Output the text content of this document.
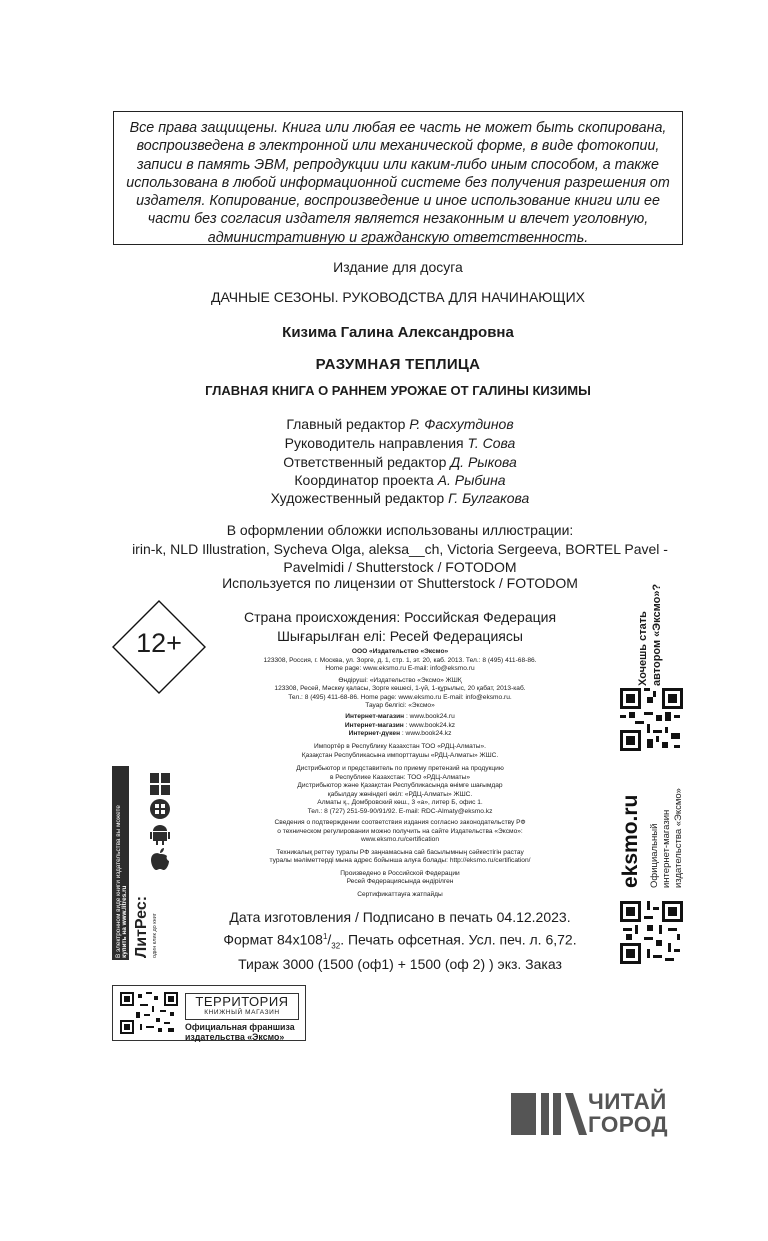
Все права защищены. Книга или любая ее часть не может быть скопирована, воспроизведена в электронной или механической форме, в виде фотокопии, записи в память ЭВМ, репродукции или каким-либо иным способом, а также использована в любой информационной системе без получения разрешения от издателя. Копирование, воспроизведение и иное использование книги или ее части без согласия издателя является незаконным и влечет уголовную, административную и гражданскую ответственность.
Издание для досуга
ДАЧНЫЕ СЕЗОНЫ. РУКОВОДСТВА ДЛЯ НАЧИНАЮЩИХ
Кизима Галина Александровна
РАЗУМНАЯ ТЕПЛИЦА
ГЛАВНАЯ КНИГА О РАННЕМ УРОЖАЕ ОТ ГАЛИНЫ КИЗИМЫ
Главный редактор Р. Фасхутдинов
Руководитель направления Т. Сова
Ответственный редактор Д. Рыкова
Координатор проекта А. Рыбина
Художественный редактор Г. Булгакова
В оформлении обложки использованы иллюстрации:
irin-k, NLD Illustration, Sycheva Olga, aleksa__ch, Victoria Sergeeva, BORTEL Pavel -
Pavelmidi / Shutterstock / FOTODOM
Используется по лицензии от Shutterstock / FOTODOM
12+
Страна происхождения: Российская Федерация
Шығарылған елі: Ресей Федерациясы
ООО «Издательство «Эксмо»
123308, Россия, г. Москва, ул. Зорге, д. 1, стр. 1, эт. 20, каб. 2013. Тел.: 8 (495) 411-68-86.
Home page: www.eksmo.ru E-mail: info@eksmo.ru
Өндіруші: «Издательство «Эксмо» ЖШҚ
123308, Ресей, Мәскеу қаласы, Зорге көшесі, 1-үй, 1-құрылыс, 20 қабат, 2013-каб.
Тел.: 8 (495) 411-68-86. Home page: www.eksmo.ru E-mail: info@eksmo.ru.
Тауар белгісі: «Эксмо»
Интернет-магазин : www.book24.ru
Интернет-магазин : www.book24.kz
Интернет-дүкен : www.book24.kz
Импортёр в Республику Казахстан ТОО «РДЦ-Алматы».
Қазақстан Республикасына импорттаушы «РДЦ-Алматы» ЖШС.
Дистрибьютор и представитель по приему претензий на продукцию
в Республике Казахстан: ТОО «РДЦ-Алматы»
Дистрибьютор және Қазақстан Республикасында өнімге шағымдар
қабылдау жөніндегі өкіл: «РДЦ-Алматы» ЖШС.
Алматы қ., Домбровский көш., 3 «а», литер Б, офис 1.
Тел.: 8 (727) 251-59-90/91/92. E-mail: RDC-Almaty@eksmo.kz
Сведения о подтверждении соответствия издания согласно законодательству РФ
о техническом регулировании можно получить на сайте Издательства «Эксмо»:
www.eksmo.ru/certification
Техникалық реттеу туралы РФ заңнамасына сай басылымның сәйкестігін растау
туралы мәліметтерді мына адрес бойынша алуға болады: http://eksmo.ru/certification/
Произведено в Российской Федерации
Ресей Федерациясында өндірілген
Сертификаттауға жатпайды
Дата изготовления / Подписано в печать 04.12.2023.
Формат $84x108^1/_{32}$. Печать офсетная. Усл. печ. л. 6,72.
Тираж 3000 (1500 (оф1) + 1500 (оф 2) ) экз. Заказ
В электронном виде книги издательства вы можете купить на www.litres.ru ЛитРес: один клик до книг
Хочешь стать автором «Эксмо»?
eksmo.ru Официальный интернет-магазин издательства «Эксмо»
ТЕРРИТОРИЯ
КНИЖНЫЙ МАГАЗИН
Официальная франшиза
издательства «Эксмо»
ЧИТАЙ
ГОРОД
